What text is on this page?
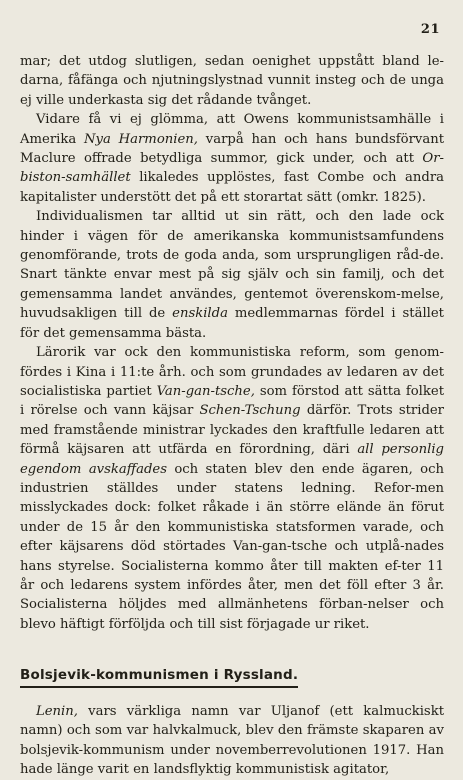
21

mar; det utdog slutligen, sedan oenighet uppstått bland le-darna, fåfänga och njutningslystnad vunnit insteg och de unga ej ville underkasta sig det rådande tvånget.

Vidare få vi ej glömma, att Owens kommunistsamhälle i Amerika Nya Harmonien, varpå han och hans bundsförvant Maclure offrade betydliga summor, gick under, och att Or-biston-samhället likaledes upplöstes, fast Combe och andra kapitalister understött det på ett storartat sätt (omkr. 1825).

Individualismen tar alltid ut sin rätt, och den lade ock hinder i vägen för de amerikanska kommunistsamfundens genomförande, trots de goda anda, som ursprungligen råd-de. Snart tänkte envar mest på sig själv och sin familj, och det gemensamma landet användes, gentemot överenskom-melse, huvudsakligen till de enskilda medlemmarnas fördel i stället för det gemensamma bästa.

Lärorik var ock den kommunistiska reform, som genom-fördes i Kina i 11:te årh. och som grundades av ledaren av det socialistiska partiet Van-gan-tsche, som förstod att sätta folket i rörelse och vann käjsar Schen-Tschung därför. Trots strider med framstående ministrar lyckades den kraftfulle ledaren att förmå käjsaren att utfärda en förordning, däri all personlig egendom avskaffades och staten blev den ende ägaren, och industrien ställdes under statens ledning. Refor-men misslyckades dock: folket råkade i än större elände än förut under de 15 år den kommunistiska statsformen varade, och efter käjsarens död störtades Van-gan-tsche och utplå-nades hans styrelse. Socialisterna kommo åter till makten ef-ter 11 år och ledarens system infördes åter, men det föll efter 3 år. Socialisterna höljdes med allmänhetens förban-nelser och blevo häftigt förföljda och till sist förjagade ur riket.

Bolsjevik-kommunismen i Ryssland.

Lenin, vars värkliga namn var Uljanof (ett kalmuckiskt namn) och som var halvkalmuck, blev den främste skaparen av bolsjevik-kommunism under novemberrevolutionen 1917. Han hade länge varit en landsflyktig kommunistisk agitator,
